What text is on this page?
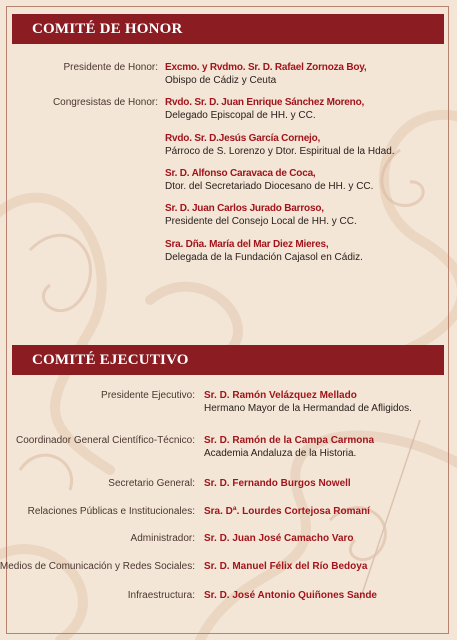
COMITÉ DE HONOR
Presidente de Honor:
Congresistas de Honor:
Excmo. y Rvdmo. Sr. D. Rafael Zornoza Boy,
Obispo de Cádiz y Ceuta
Rvdo. Sr. D. Juan Enrique Sánchez Moreno,
Delegado Episcopal de HH. y CC.
Rvdo. Sr. D.Jesús García Cornejo,
Párroco de S. Lorenzo y Dtor. Espiritual de la Hdad.
Sr. D. Alfonso Caravaca de Coca,
Dtor. del Secretariado Diocesano de HH. y CC.
Sr. D. Juan Carlos Jurado Barroso,
Presidente del Consejo Local de HH. y CC.
Sra. Dña. María del Mar Diez Mieres,
Delegada de la Fundación Cajasol en Cádiz.
COMITÉ EJECUTIVO
Presidente Ejecutivo: Sr. D. Ramón Velázquez Mellado
Hermano Mayor de la Hermandad de Afligidos.
Coordinador General Científico-Técnico: Sr. D. Ramón de la Campa Carmona
Academia Andaluza de la Historia.
Secretario General: Sr. D. Fernando Burgos Nowell
Relaciones Públicas e Institucionales: Sra. Dª. Lourdes Cortejosa Romaní
Administrador: Sr. D. Juan José Camacho Varo
Medios de Comunicación y Redes Sociales: Sr. D. Manuel Félix del Río Bedoya
Infraestructura: Sr. D. José Antonio Quiñones Sande
